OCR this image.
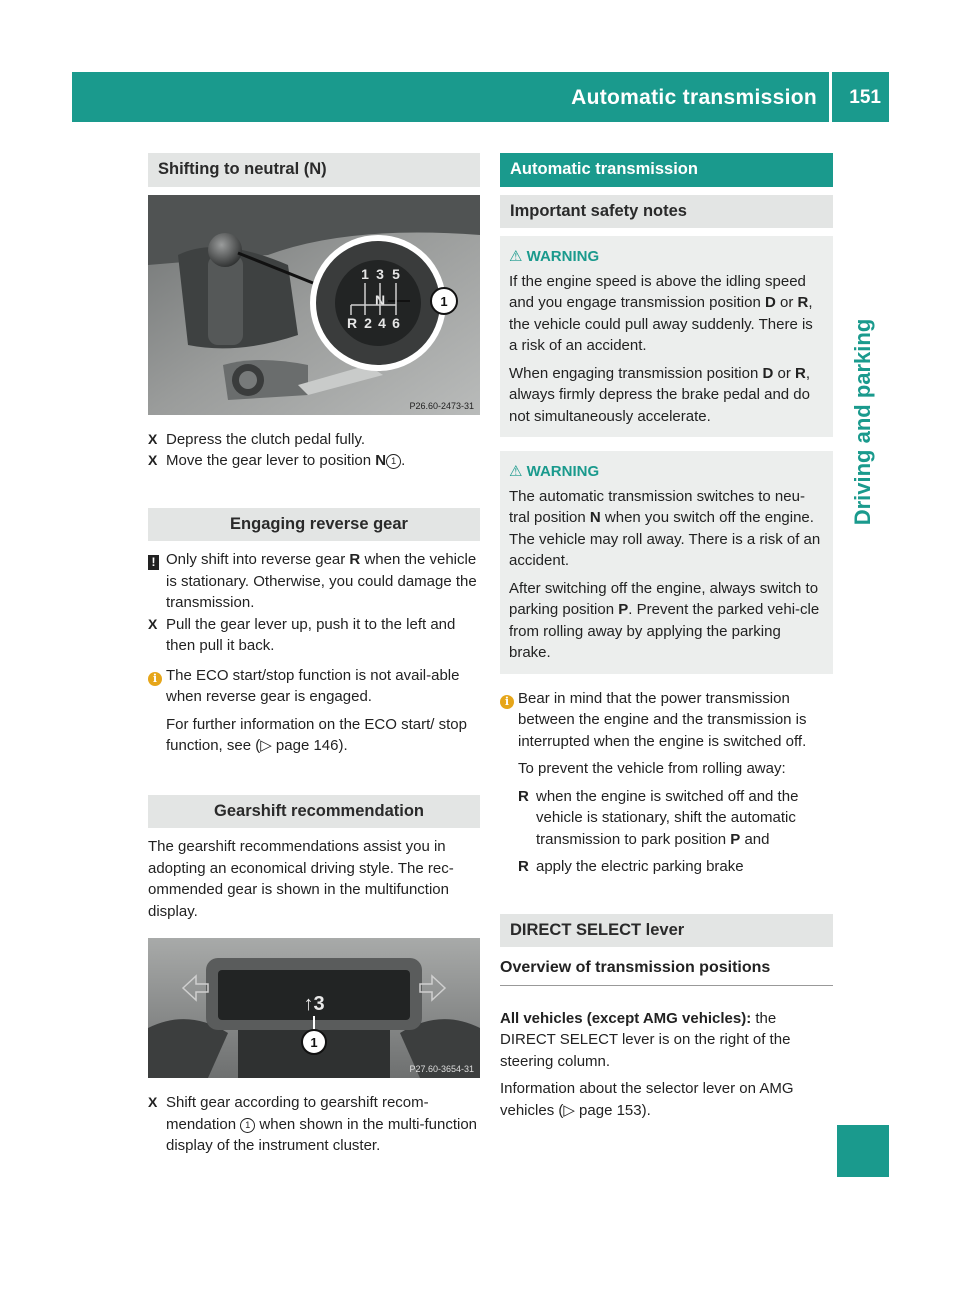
Automatic transmission 151
Driving and parking
Shifting to neutral (N)
1 3 5
N
R 2 4 6
1
P26.60-2473-31

X Depress the clutch pedal fully.

X Move the gear lever to position N 1 .

Engaging reverse gear

! Only shift into reverse gear R when the vehicle is stationary. Otherwise, you could damage the transmission.

X Pull the gear lever up, push it to the left and then pull it back.

i The ECO start/stop function is not avail-able when reverse gear is engaged.

For further information on the ECO start/ stop function, see (▷ page 146).

Gearshift recommendation

The gearshift recommendations assist you in adopting an economical driving style. The rec-ommended gear is shown in the multifunction display.

↑3
1
P27.60-3654-31

X Shift gear according to gearshift recom-mendation 1 when shown in the multi-function display of the instrument cluster.

Automatic transmission
Important safety notes
⚠ WARNING

If the engine speed is above the idling speed and you engage transmission position D or R, the vehicle could pull away suddenly. There is a risk of an accident.

When engaging transmission position D or R, always firmly depress the brake pedal and do not simultaneously accelerate.

⚠ WARNING

The automatic transmission switches to neu-tral position N when you switch off the engine. The vehicle may roll away. There is a risk of an accident.

After switching off the engine, always switch to parking position P. Prevent the parked vehi-cle from rolling away by applying the parking brake.

i Bear in mind that the power transmission between the engine and the transmission is interrupted when the engine is switched off.

To prevent the vehicle from rolling away:

R when the engine is switched off and the vehicle is stationary, shift the automatic transmission to park position P and

R apply the electric parking brake

DIRECT SELECT lever
Overview of transmission positions

All vehicles (except AMG vehicles): the DIRECT SELECT lever is on the right of the steering column.

Information about the selector lever on AMG vehicles (▷ page 153).
